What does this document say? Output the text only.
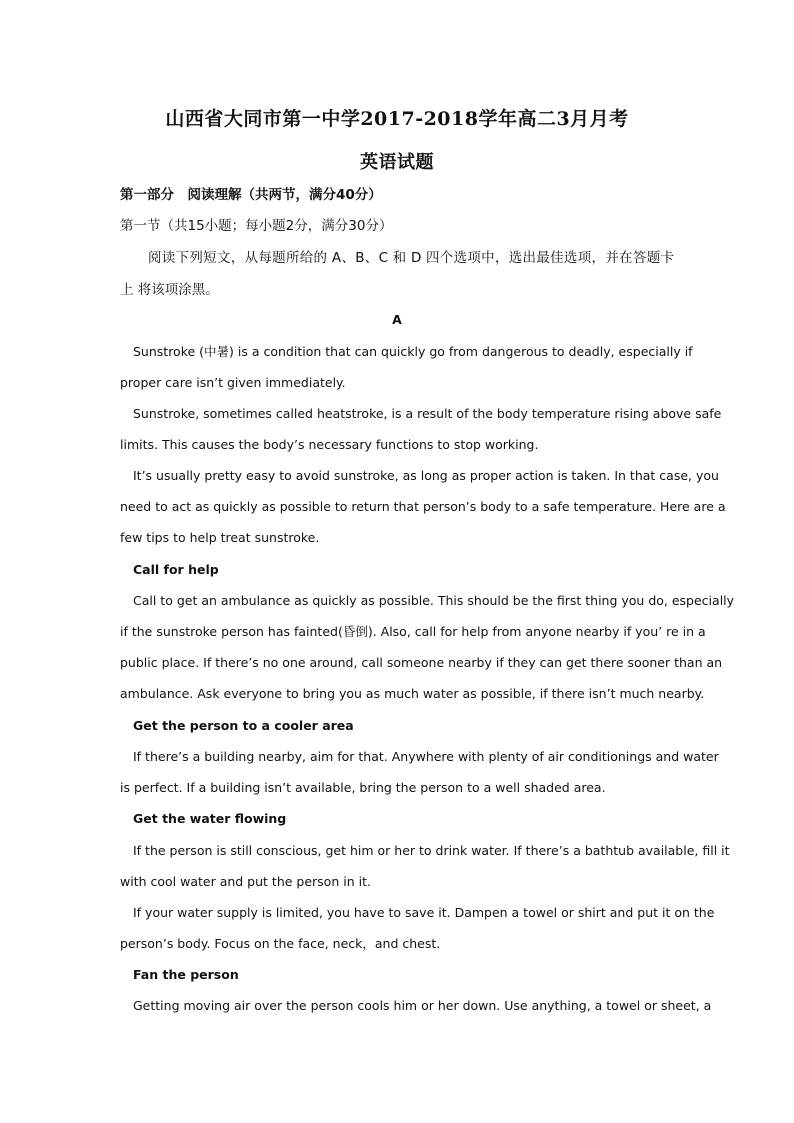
山西省大同市第一中学2017-2018学年高二3月月考
英语试题
第一部分　阅读理解（共两节，满分40分）
第一节（共15小题；每小题2分，满分30分）
阅读下列短文，从每题所给的 A、B、C 和 D 四个选项中，选出最佳选项，并在答题卡
上 将该项涂黑。
A
Sunstroke (中暑) is a condition that can quickly go from dangerous to deadly, especially if
proper care isn’t given immediately.
Sunstroke, sometimes called heatstroke, is a result of the body temperature rising above safe
limits. This causes the body’s necessary functions to stop working.
It’s usually pretty easy to avoid sunstroke, as long as proper action is taken. In that case, you
need to act as quickly as possible to return that person’s body to a safe temperature. Here are a
few tips to help treat sunstroke.
Call for help
Call to get an ambulance as quickly as possible. This should be the first thing you do, especially
if the sunstroke person has fainted(昏倒). Also, call for help from anyone nearby if you’ re in a
public place. If there’s no one around, call someone nearby if they can get there sooner than an
ambulance. Ask everyone to bring you as much water as possible, if there isn’t much nearby.
Get the person to a cooler area
If there’s a building nearby, aim for that. Anywhere with plenty of air conditionings and water
is perfect. If a building isn’t available, bring the person to a well shaded area.
Get the water flowing
If the person is still conscious, get him or her to drink water. If there’s a bathtub available, fill it
with cool water and put the person in it.
If your water supply is limited, you have to save it. Dampen a towel or shirt and put it on the
person’s body. Focus on the face, neck，and chest.
Fan the person
Getting moving air over the person cools him or her down. Use anything, a towel or sheet, a
